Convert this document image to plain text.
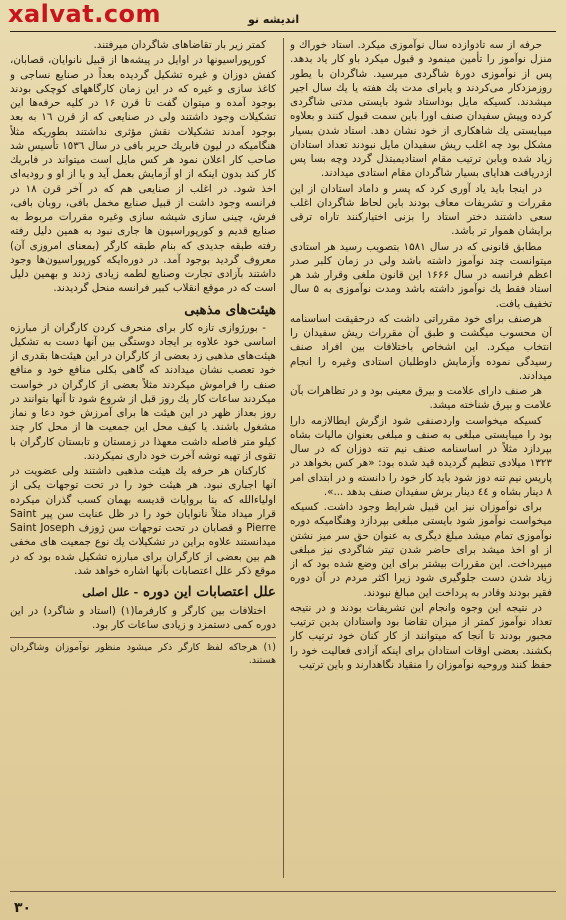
xalvat.com	اندیشه نو

حرفه از سه تادوازده سال نوآموزی میکرد. استاد خوراك و منزل نوآموز را تأمین مینمود و قبول میکرد باو کار یاد بدهد. پس از نوآموزی دورۀ شاگردی میرسید. شاگردان با یطور روزمزدکار می‌کردند و یابرای مدت یك هفته یا یك سال اجیر میشدند. کسیکه مایل بوداستاد شود بایستی مدتی شاگردی کرده وپیش سفیدان صنف اورا باین سمت قبول کنند و بعلاوه میبایستی یك شاهکاری از خود نشان دهد. استاد شدن بسیار مشکل بود چه اغلب ریش سفیدان مایل نبودند تعداد استادان زیاد شده وبابن ترتیب مقام استادیمبتذل گردد وچه بسا پس ازدریافت هدایای بسیار شاگردان مقام استادی میدادند.

در اینجا باید یاد آوری کرد که پسر و داماد استادان از این مقررات و تشریفات معاف بودند باین لحاظ شاگردان اغلب سعی داشتند دختر استاد را بزنی اختیارکنند تاراه ترقی برایشان هموار تر باشد.

مطابق قانونی که در سال ۱۵۸۱ بتصویب رسید هر استادی میتوانست چند نوآموز داشته باشد ولی در زمان کلبر صدر اعظم فرانسه در سال ۱۶۶۶ این قانون ملغی وقرار شد هر استاد فقط یك نوآموز داشته باشد ومدت نوآموزی به ۵ سال تخفیف یافت.

هرصنف برای خود مقرراتی داشت که درحقیقت اساسنامه آن محسوب میگشت و طبق آن مقررات ریش سفیدان را انتخاب میکرد. این اشخاص باختلافات بین افراد صنف رسیدگی نموده وآزمایش داوطلبان استادی وغیره را انجام میدادند.

هر صنف دارای علامت و بیرق معینی بود و در تظاهرات بآن علامت و بیرق شناخته میشد.

کسیکه میخواست واردصنفی شود ازگرش ایطالازمه داراِ بود را میبایستی مبلغی به صنف و مبلغی بعنوان مالیات بشاه بپردازد مثلاً در اساسنامه صنف نیم تنه دوزان که در سال ۱۳۲۳ میلادی تنظیم گردیده قید شده بود: «هر کس بخواهد در پاریس نیم تنه دوز شود باید کار خود را دانسته و در ابتدای امر ۸ دینار بشاه و ٤٤ دینار برش سفیدان صنف بدهد ...».

برای نوآموزان نیز این قبیل شرایط وجود داشت. کسیکه میخواست نوآموز شود بایستی مبلغی بپردازد وهنگامیکه دوره نوآموزی تمام میشد مبلغ دیگری به عنوان حق سر میز نشتن از او اخذ میشد برای حاضر شدن تیتر شاگردی نیز مبلغی میپرداخت. این مقررات بیشتر برای این وضع شده بود که از زیاد شدن دست جلوگیری شود زیرا اکثر مردم در آن دوره فقیر بودند وقادر به پرداخت این مبالغ نبودند.

در نتیجه این وجوه وانجام این تشریفات بودند و در نتیجه تعداد نوآموز کمتر از میزان تقاضا بود واستادان بدین ترتیب مجبور بودند تا آنجا که میتوانند از کار کنان خود ترتیب کار بکشند. بعضی اوقات استادان برای اینکه آزادی فعالیت خود را حفظ کنند وروحیه نوآموزان را منقیاد نگاهدارند و باین ترتیب

کمتر زیر بار تقاضاهای شاگردان میرفتند.

کورپوراسیونها در اوایل در پیشه‌ها از قبیل نانوایان، قصابان، کفش دوزان و غیره تشکیل گردیده بعداً در صنایع نساجی و کاغذ سازی و غیره که در این زمان کارگاههای کوچکی بودند بوجود آمده و میتوان گفت تا قرن ۱۶ در کلیه حرفه‌ها این تشکیلات وجود داشتند ولی در صنایعی که از قرن ۱٦ به بعد بوجود آمدند تشکیلات نقش مؤثری نداشتند بطوریکه مثلاً هنگامیکه در لیون فابریك حریر بافی در سال ۱٥٣٦ تأسیس شد صاحب کار اعلان نمود هر کس مایل است میتواند در فابریك کار کند بدون اینکه از او آزمایش بعمل آید و یا از او و رودیه‌ای اخذ شود. در اغلب از صنایعی هم که در آخر قرن ۱۸ در فرانسه وجود داشت از قبیل صنایع مخمل بافی، روبان بافی، فرش، چینی سازی شیشه سازی وغیره مقررات مربوط به صنایع قدیم و کورپوراسیون ها جاری نبود به همین دلیل رفته رفته طبقه جدیدی که بنام طبقه کارگر (بمعنای امروزی آن) معروف گردید بوجود آمد. در دوره‌ایکه کورپوراسیون‌ها وجود داشتند بآزادی تجارت وصنایع لطمه زیادی زدند و بهمین دلیل است که در موقع انقلاب کبیر فرانسه منحل گردیدند.

هیئت‌های مذهبی

- بورژوازی تازه کار برای منحرف کردن کارگران از مبارزه اساسی خود علاوه بر ایجاد دوستگی بین آنها دست به تشکیل هیئت‌های مذهبی زد بعضی از کارگران در این هیئت‌ها بقدری از خود تعصب نشان میدادند که گاهی بکلی منافع خود و منافع صنف را فراموش میکردند مثلاً بعضی از کارگران در خواست میکردند ساعات کار یك روز قبل از شروع شود تا آنها بتوانند در روز بعداز ظهر در این هیئت ها برای آمرزش خود دعا و نماز مشغول باشند. یا کیف محل این جمعیت ها از محل کار چند کیلو متر فاصله داشت معهذا در زمستان و تابستان کارگران با تقوی از تهیه توشه آخرت خود داری نمیکردند.

کارکنان هر حرفه یك هیئت مذهبی داشتند ولی عضویت در آنها اجباری نبود. هر هیئت خود را در تحت توجهات یکی از اولیاءالله که بنا بروایات قدیسه بهمان کسب گذران میکرده قرار میداد مثلاً نانوایان خود را در ظل عنایت سن پیر Saint Pierre و قصابان در تحت توجهات سن ژوزف Saint Joseph میدانستند علاوه براین در تشکیلات یك نوع جمعیت های مخفی هم بین بعضی از کارگران برای مبارزه تشکیل شده بود که در موقع ذکر علل اعتصابات بآنها اشاره خواهد شد.

علل اعتصابات این دوره - علل اصلی

اختلافات بین کارگر و کارفرما(۱) (استاد و شاگرد) در این دوره کمی دستمزد و زیادی ساعات کار بود.

(۱) هرجاکه لفظ کارگر ذکر میشود منظور نوآموزان وشاگردان هستند.
۳۰
